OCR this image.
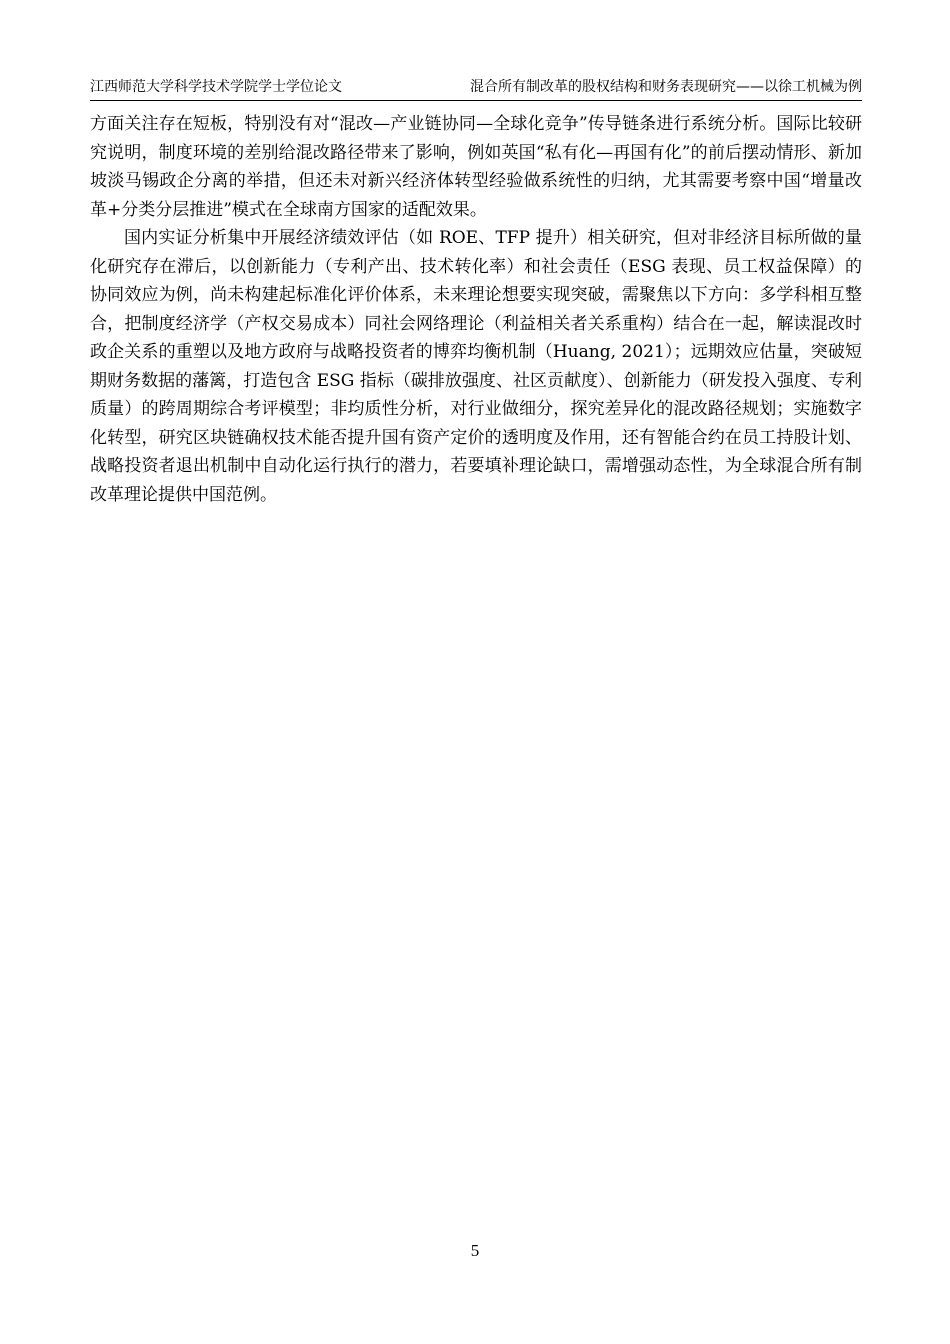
江西师范大学科学技术学院学士学位论文	混合所有制改革的股权结构和财务表现研究——以徐工机械为例

方面关注存在短板，特别没有对“混改—产业链协同—全球化竞争”传导链条进行系统分析。国际比较研究说明，制度环境的差别给混改路径带来了影响，例如英国“私有化—再国有化”的前后摆动情形、新加坡淡马锡政企分离的举措，但还未对新兴经济体转型经验做系统性的归纳，尤其需要考察中国“增量改革+分类分层推进”模式在全球南方国家的适配效果。

国内实证分析集中开展经济绩效评估（如 ROE、TFP 提升）相关研究，但对非经济目标所做的量化研究存在滞后，以创新能力（专利产出、技术转化率）和社会责任（ESG 表现、员工权益保障）的协同效应为例，尚未构建起标准化评价体系，未来理论想要实现突破，需聚焦以下方向：多学科相互整合，把制度经济学（产权交易成本）同社会网络理论（利益相关者关系重构）结合在一起，解读混改时政企关系的重塑以及地方政府与战略投资者的博弈均衡机制（Huang, 2021）；远期效应估量，突破短期财务数据的藩篱，打造包含 ESG 指标（碳排放强度、社区贡献度）、创新能力（研发投入强度、专利质量）的跨周期综合考评模型；非均质性分析，对行业做细分，探究差异化的混改路径规划；实施数字化转型，研究区块链确权技术能否提升国有资产定价的透明度及作用，还有智能合约在员工持股计划、战略投资者退出机制中自动化运行执行的潜力，若要填补理论缺口，需增强动态性，为全球混合所有制改革理论提供中国范例。

5
